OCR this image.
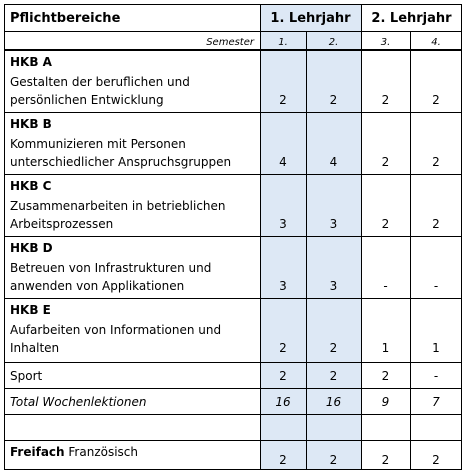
Pflichtbereiche	1. Lehrjahr	2. Lehrjahr
Semester	1.	2.	3.	4.
HKB A
Gestalten der beruflichen und
persönlichen Entwicklung	2	2	2	2
HKB B
Kommunizieren mit Personen
unterschiedlicher Anspruchsgruppen	4	4	2	2
HKB C
Zusammenarbeiten in betrieblichen
Arbeitsprozessen	3	3	2	2
HKB D
Betreuen von Infrastrukturen und
anwenden von Applikationen	3	3	-	-
HKB E
Aufarbeiten von Informationen und
Inhalten	2	2	1	1
Sport	2	2	2	-
Total Wochenlektionen	16	16	9	7
Freifach Französisch
2	2	2	2
